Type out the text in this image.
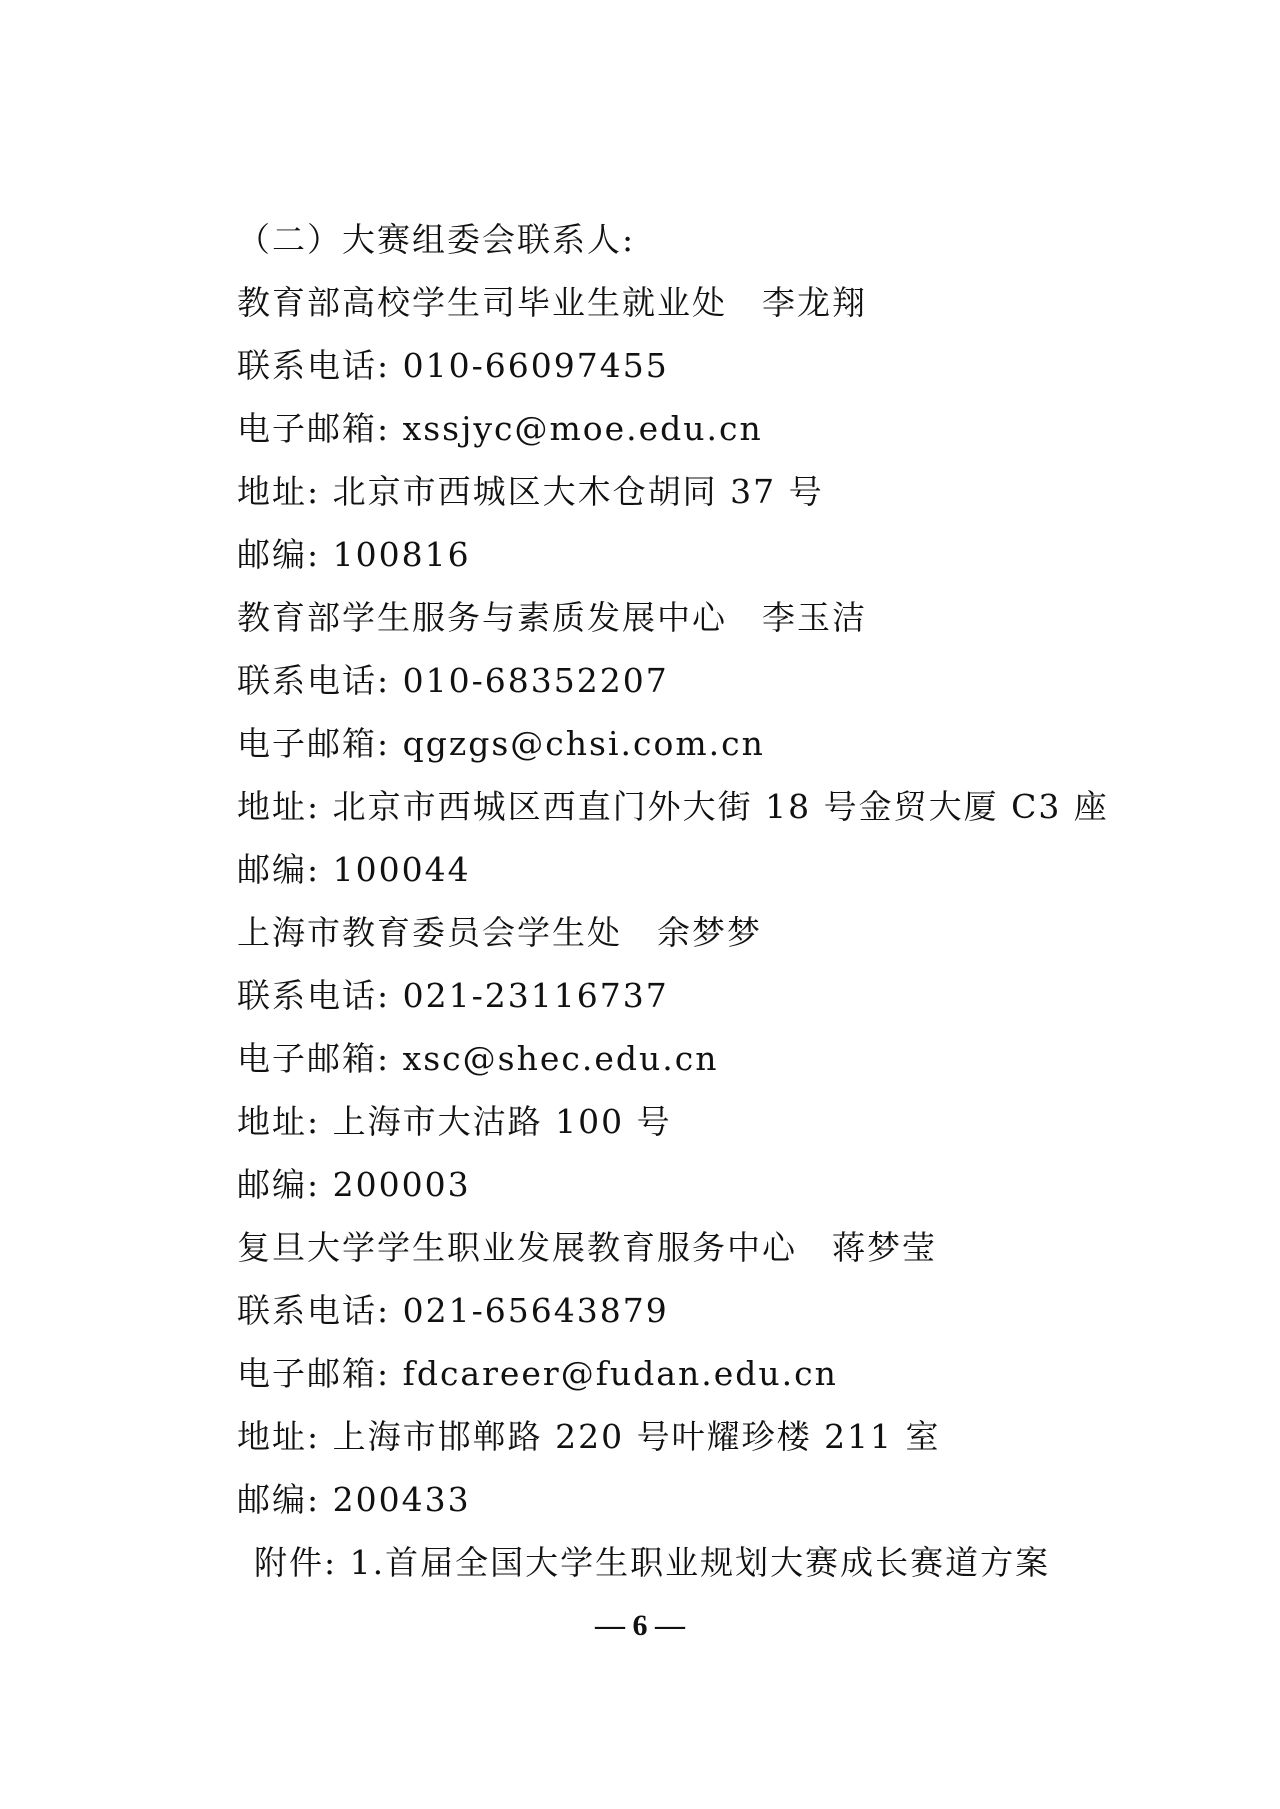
（二）大赛组委会联系人:
教育部高校学生司毕业生就业处　李龙翔
联系电话: 010-66097455
电子邮箱: xssjyc@moe.edu.cn
地址: 北京市西城区大木仓胡同 37 号
邮编: 100816
教育部学生服务与素质发展中心　李玉洁
联系电话: 010-68352207
电子邮箱: qgzgs@chsi.com.cn
地址: 北京市西城区西直门外大街 18 号金贸大厦 C3 座
邮编: 100044
上海市教育委员会学生处　余梦梦
联系电话: 021-23116737
电子邮箱: xsc@shec.edu.cn
地址: 上海市大沽路 100 号
邮编: 200003
复旦大学学生职业发展教育服务中心　蒋梦莹
联系电话: 021-65643879
电子邮箱: fdcareer@fudan.edu.cn
地址: 上海市邯郸路 220 号叶耀珍楼 211 室
邮编: 200433
附件: 1.首届全国大学生职业规划大赛成长赛道方案
— 6 —
